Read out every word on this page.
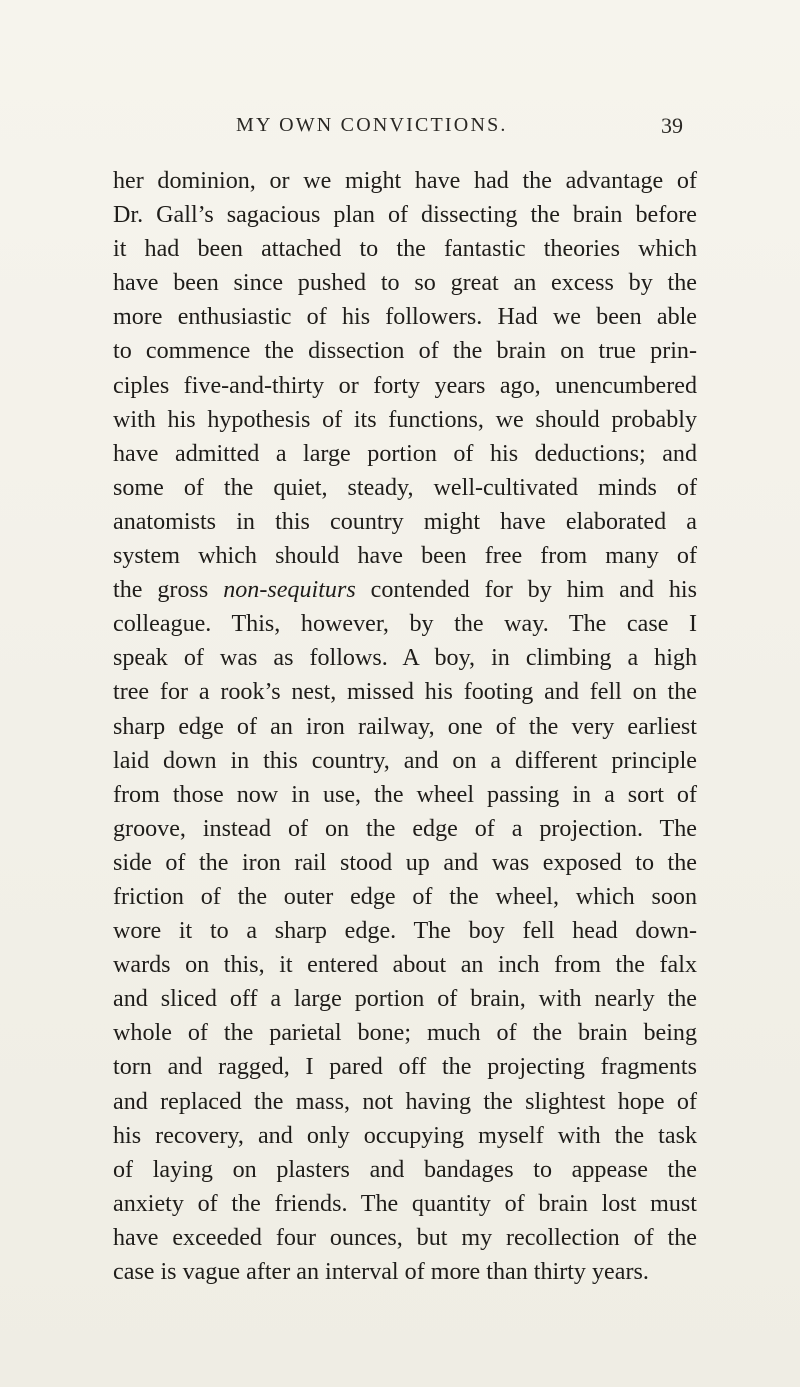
MY OWN CONVICTIONS.	39
her dominion, or we might have had the advantage of
Dr. Gall’s sagacious plan of dissecting the brain before
it had been attached to the fantastic theories which
have been since pushed to so great an excess by the
more enthusiastic of his followers. Had we been able
to commence the dissection of the brain on true prin-
ciples five-and-thirty or forty years ago, unencumbered
with his hypothesis of its functions, we should probably
have admitted a large portion of his deductions; and
some of the quiet, steady, well-cultivated minds of
anatomists in this country might have elaborated a
system which should have been free from many of
the gross non-sequiturs contended for by him and his
colleague. This, however, by the way. The case I
speak of was as follows. A boy, in climbing a high
tree for a rook’s nest, missed his footing and fell on the
sharp edge of an iron railway, one of the very earliest
laid down in this country, and on a different principle
from those now in use, the wheel passing in a sort of
groove, instead of on the edge of a projection. The
side of the iron rail stood up and was exposed to the
friction of the outer edge of the wheel, which soon
wore it to a sharp edge. The boy fell head down-
wards on this, it entered about an inch from the falx
and sliced off a large portion of brain, with nearly the
whole of the parietal bone; much of the brain being
torn and ragged, I pared off the projecting fragments
and replaced the mass, not having the slightest hope of
his recovery, and only occupying myself with the task
of laying on plasters and bandages to appease the
anxiety of the friends. The quantity of brain lost must
have exceeded four ounces, but my recollection of the
case is vague after an interval of more than thirty years.
